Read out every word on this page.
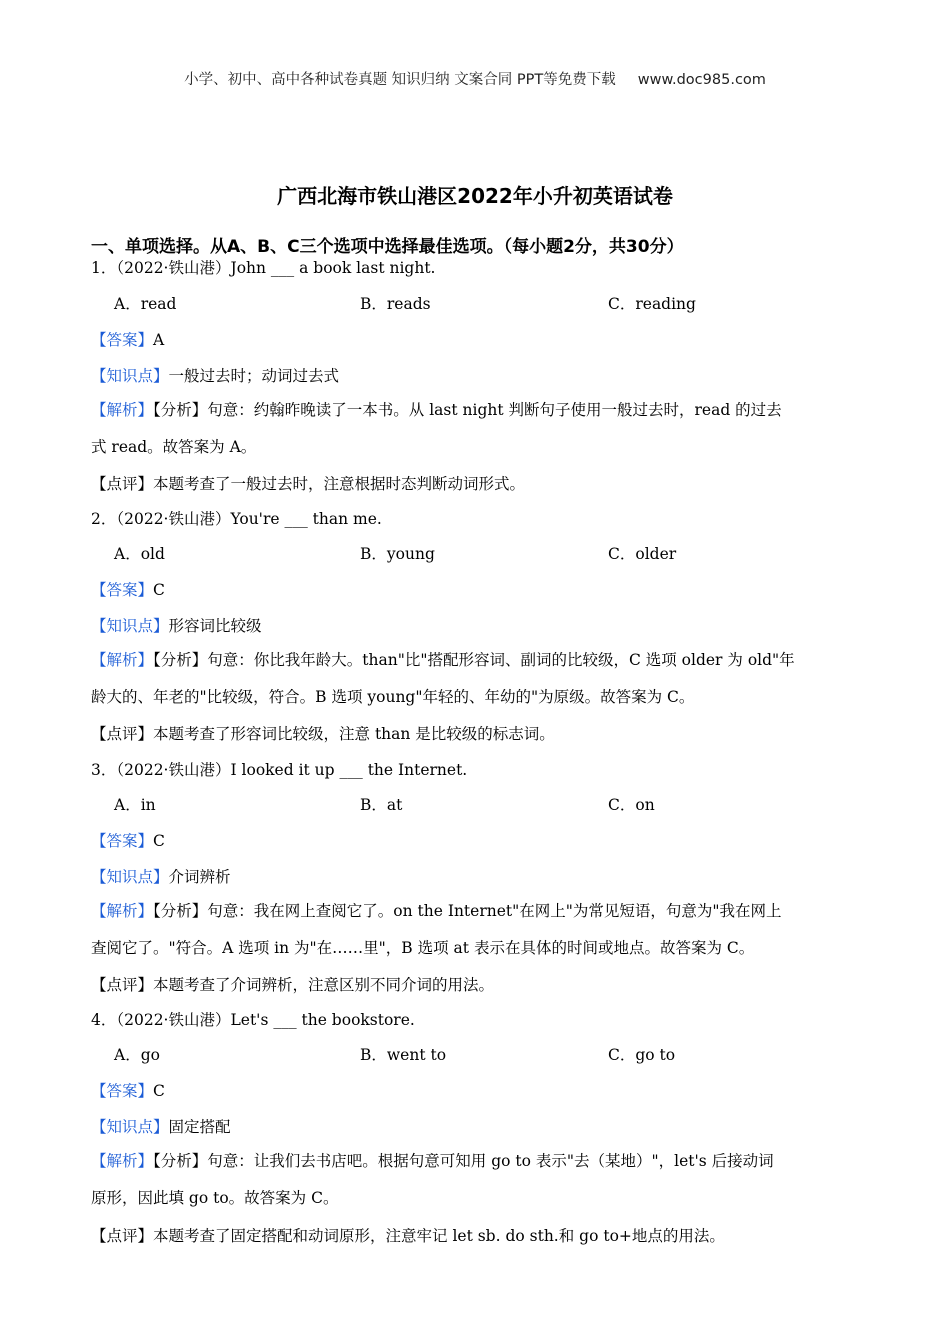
小学、初中、高中各种试卷真题 知识归纳 文案合同 PPT等免费下载 www.doc985.com
广西北海市铁山港区2022年小升初英语试卷
一、单项选择。从A、B、C三个选项中选择最佳选项。（每小题2分，共30分）
1．（2022·铁山港）John ___ a book last night.
A．read	B．reads	C．reading
【答案】A
【知识点】一般过去时；动词过去式
【解析】【分析】句意：约翰昨晚读了一本书。从 last night 判断句子使用一般过去时，read 的过去
式 read。故答案为 A。
【点评】本题考查了一般过去时，注意根据时态判断动词形式。
2．（2022·铁山港）You're ___ than me.
A．old	B．young	C．older
【答案】C
【知识点】形容词比较级
【解析】【分析】句意：你比我年龄大。than"比"搭配形容词、副词的比较级，C 选项 older 为 old"年
龄大的、年老的"比较级，符合。B 选项 young"年轻的、年幼的"为原级。故答案为 C。
【点评】本题考查了形容词比较级，注意 than 是比较级的标志词。
3．（2022·铁山港）I looked it up ___ the Internet.
A．in	B．at	C．on
【答案】C
【知识点】介词辨析
【解析】【分析】句意：我在网上查阅它了。on the Internet"在网上"为常见短语，句意为"我在网上
查阅它了。"符合。A 选项 in 为"在……里"，B 选项 at 表示在具体的时间或地点。故答案为 C。
【点评】本题考查了介词辨析，注意区别不同介词的用法。
4．（2022·铁山港）Let's ___ the bookstore.
A．go	B．went to	C．go to
【答案】C
【知识点】固定搭配
【解析】【分析】句意：让我们去书店吧。根据句意可知用 go to 表示"去（某地）"，let's 后接动词
原形，因此填 go to。故答案为 C。
【点评】本题考查了固定搭配和动词原形，注意牢记 let sb. do sth.和 go to+地点的用法。
